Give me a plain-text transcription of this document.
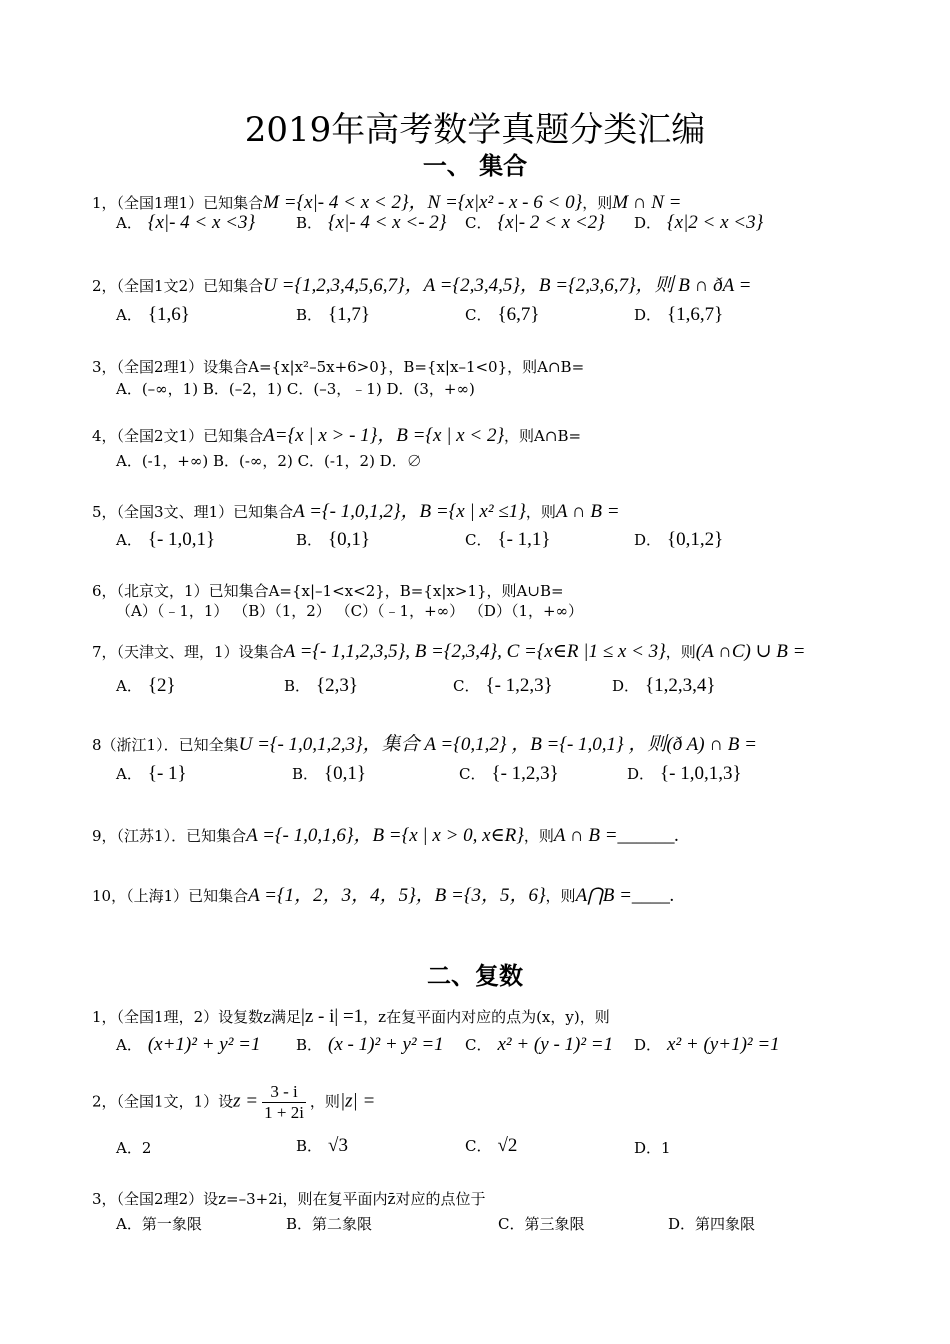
2019年高考数学真题分类汇编
一、 集合
1，（全国1理1）已知集合M ={x|- 4 < x < 2}，N ={x|x² - x - 6 < 0}，则M ∩ N =
A． {x|- 4 < x <3}	B． {x|- 4 < x <- 2} C． {x|- 2 < x <2} D． {x|2 < x <3}
2，（全国1文2）已知集合U ={1,2,3,4,5,6,7}，A ={2,3,4,5}，B ={2,3,6,7}，则 B ∩ ðA =
A． {1,6}	B． {1,7}	C． {6,7}	D． {1,6,7}
3，（全国2理1）设集合A={x|x²–5x+6>0}，B={x|x–1<0}，则A∩B=
A．(–∞，1) B．(–2，1) C．(–3，﹣1) D．(3，+∞)
4，（全国2文1）已知集合A={x | x > - 1}，B ={x | x < 2}，则A∩B=
A．(-1，+∞) B．(-∞，2) C．(-1，2) D．∅
5，（全国3文、理1）已知集合A ={- 1,0,1,2}，B ={x | x² ≤1}，则A ∩ B =
A． {- 1,0,1}	B． {0,1}	C． {- 1,1}	D． {0,1,2}
6，（北京文，1）已知集合A={x|–1<x<2}，B={x|x>1}，则A∪B=
（A）（﹣1，1） （B）（1，2） （C）（﹣1，+∞） （D）（1，+∞）
7，（天津文、理，1）设集合A ={- 1,1,2,3,5}, B ={2,3,4}, C ={x∈R |1 ≤ x < 3}，则(A ∩C) ∪ B =
A． {2}	B． {2,3}	C． {- 1,2,3}	D． {1,2,3,4}
8（浙江1）．已知全集U ={- 1,0,1,2,3}，集合 A ={0,1,2} ，B ={- 1,0,1} ，则(ð A) ∩ B =
A． {- 1}	B． {0,1}	C． {- 1,2,3}	D． {- 1,0,1,3}
9，（江苏1）．已知集合A ={- 1,0,1,6}，B ={x | x > 0, x∈R}，则A ∩ B =______.
10，（上海1）已知集合A ={1，2，3，4，5}，B ={3，5，6}，则A⋂B =____.
二、复数
1，（全国1理，2）设复数z满足|z - i| =1，z在复平面内对应的点为(x，y)，则
A． (x+1)² + y² =1 B． (x - 1)² + y² =1 C． x² + (y - 1)² =1 D． x² + (y+1)² =1
2，（全国1文，1）设$z = \frac{3 - i}{1 + 2i}$ ，则|z| =
A．2	B． √3	C． √2	D．1
3，（全国2理2）设z=–3+2i，则在复平面内z̄对应的点位于
A．第一象限	B．第二象限	C．第三象限	D．第四象限
